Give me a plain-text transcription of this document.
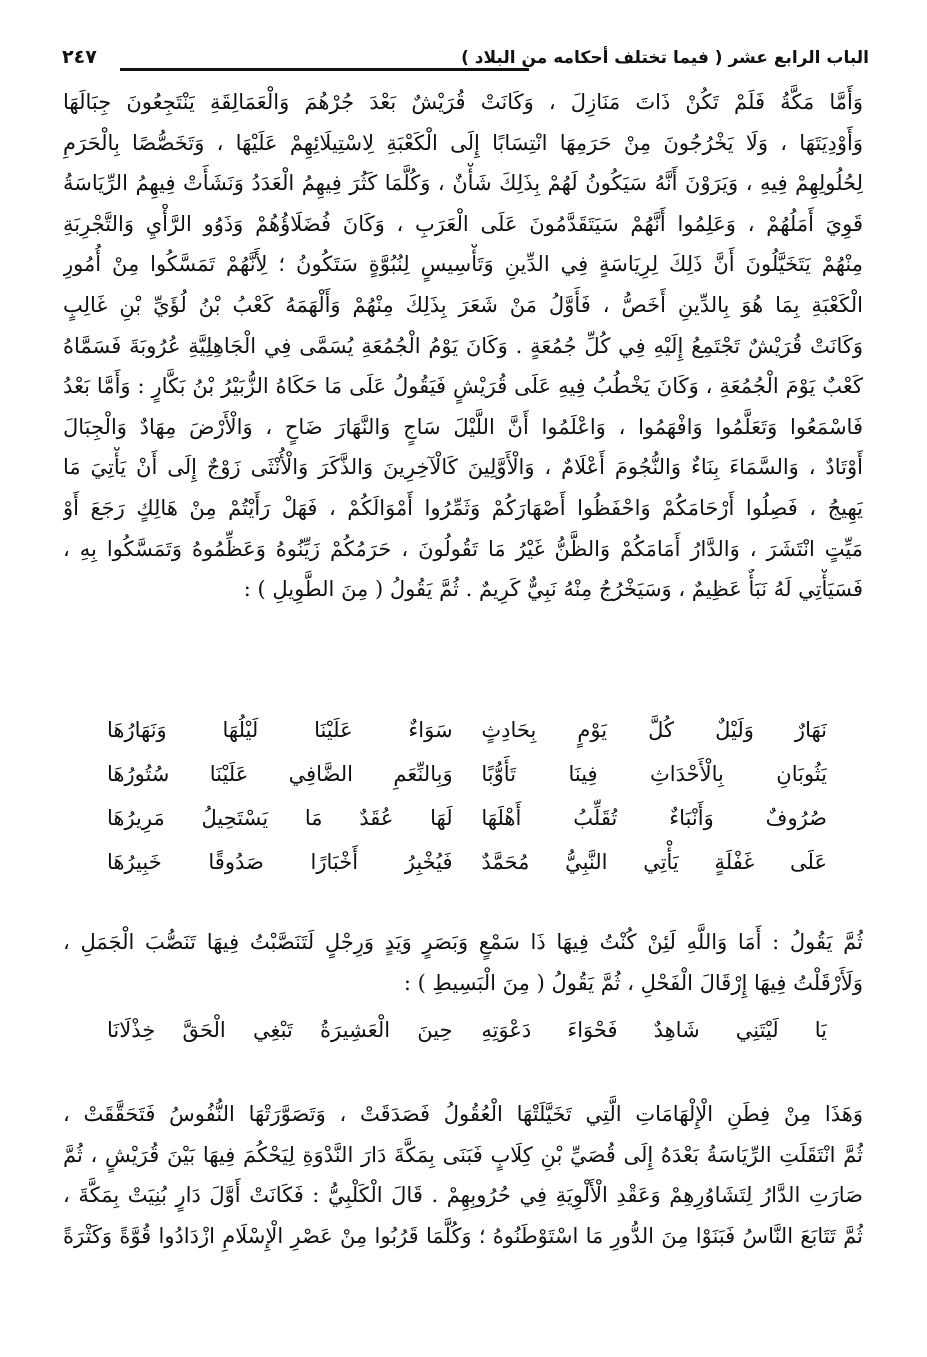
الباب الرابع عشر ( فيما تختلف أحكامه من البلاد )
٢٤٧
وَأَمَّا مَكَّةُ فَلَمْ تَكُنْ ذَاتَ مَنَازِلَ ، وَكَانَتْ قُرَيْشٌ بَعْدَ جُرْهُمَ وَالْعَمَالِقَةِ يَنْتَجِعُونَ جِبَالَهَا
وَأَوْدِيَتَهَا ، وَلَا يَخْرُجُونَ مِنْ حَرَمِهَا انْتِسَابًا إِلَى الْكَعْبَةِ لِاسْتِيلَائِهِمْ عَلَيْهَا ، وَتَخَصُّصًا بِالْحَرَمِ
لِحُلُولِهِمْ فِيهِ ، وَيَرَوْنَ أَنَّهُ سَيَكُونُ لَهُمْ بِذَلِكَ شَأْنٌ ، وَكُلَّمَا كَثُرَ فِيهِمُ الْعَدَدُ وَنَشَأَتْ فِيهِمُ الرِّيَاسَةُ
قَوِيَ أَمَلُهُمْ ، وَعَلِمُوا أَنَّهُمْ سَيَتَقَدَّمُونَ عَلَى الْعَرَبِ ، وَكَانَ فُضَلَاؤُهُمْ وَذَوُو الرَّأْيِ وَالتَّجْرِبَةِ
مِنْهُمْ يَتَخَيَّلُونَ أَنَّ ذَلِكَ لِرِيَاسَةٍ فِي الدِّينِ وَتَأْسِيسٍ لِنُبُوَّةٍ سَتَكُونُ ؛ لِأَنَّهُمْ تَمَسَّكُوا مِنْ أُمُورِ
الْكَعْبَةِ بِمَا هُوَ بِالدِّينِ أَخَصُّ ، فَأَوَّلُ مَنْ شَعَرَ بِذَلِكَ مِنْهُمْ وَأَلْهَمَهُ كَعْبُ بْنُ لُؤَيِّ بْنِ غَالِبٍ
وَكَانَتْ قُرَيْشٌ تَجْتَمِعُ إِلَيْهِ فِي كُلِّ جُمُعَةٍ . وَكَانَ يَوْمُ الْجُمُعَةِ يُسَمَّى فِي الْجَاهِلِيَّةِ عُرُوبَةَ فَسَمَّاهُ
كَعْبٌ يَوْمَ الْجُمُعَةِ ، وَكَانَ يَخْطُبُ فِيهِ عَلَى قُرَيْشٍ فَيَقُولُ عَلَى مَا حَكَاهُ الزُّبَيْرُ بْنُ بَكَّارٍ : وَأَمَّا بَعْدُ
فَاسْمَعُوا وَتَعَلَّمُوا وَافْهَمُوا ، وَاعْلَمُوا أَنَّ اللَّيْلَ سَاجٍ وَالنَّهَارَ ضَاحٍ ، وَالْأَرْضَ مِهَادٌ وَالْجِبَالَ
أَوْتَادٌ ، وَالسَّمَاءَ بِنَاءٌ وَالنُّجُومَ أَعْلَامٌ ، وَالْأَوَّلِينَ كَالْآخِرِينَ وَالذَّكَرَ وَالْأُنْثَى زَوْجٌ إِلَى أَنْ يَأْتِيَ مَا
يَهِيجُ ، فَصِلُوا أَرْحَامَكُمْ وَاحْفَظُوا أَصْهَارَكُمْ وَثَمِّرُوا أَمْوَالَكُمْ ، فَهَلْ رَأَيْتُمْ مِنْ هَالِكٍ رَجَعَ أَوْ
مَيِّتٍ انْتَشَرَ ، وَالدَّارُ أَمَامَكُمْ وَالظَّنُّ غَيْرُ مَا تَقُولُونَ ، حَرَمُكُمْ زَيِّنُوهُ وَعَظِّمُوهُ وَتَمَسَّكُوا بِهِ ،
فَسَيَأْتِي لَهُ نَبَأٌ عَظِيمٌ ، وَسَيَخْرُجُ مِنْهُ نَبِيٌّ كَرِيمٌ . ثُمَّ يَقُولُ ( مِنَ الطَّوِيلِ ) :
نَهَارٌ وَلَيْلٌ كُلَّ يَوْمٍ بِحَادِثٍ
سَوَاءٌ عَلَيْنَا لَيْلُهَا وَنَهَارُهَا
يَثُوبَانِ بِالْأَحْدَاثِ فِينَا تَأَوُّبًا
وَبِالنِّعَمِ الضَّافِي عَلَيْنَا سُتُورُهَا
صُرُوفٌ وَأَنْبَاءٌ تُقَلِّبُ أَهْلَهَا
لَهَا عُقَدٌ مَا يَسْتَحِيلُ مَرِيرُهَا
عَلَى غَفْلَةٍ يَأْتِي النَّبِيُّ مُحَمَّدٌ
فَيُخْبِرُ أَخْبَارًا صَدُوقًا خَبِيرُهَا
ثُمَّ يَقُولُ : أَمَا وَاللَّهِ لَئِنْ كُنْتُ فِيهَا ذَا سَمْعٍ وَبَصَرٍ وَيَدٍ وَرِجْلٍ لَتَنَصَّبْتُ فِيهَا تَنَصُّبَ الْجَمَلِ ،
وَلَأَرْقَلْتُ فِيهَا إِرْقَالَ الْفَحْلِ ، ثُمَّ يَقُولُ ( مِنَ الْبَسِيطِ ) :
يَا لَيْتَنِي شَاهِدٌ فَحْوَاءَ دَعْوَتِهِ
حِينَ الْعَشِيرَةُ تَبْغِي الْحَقَّ خِذْلَانَا
وَهَذَا مِنْ فِطَنِ الْإِلْهَامَاتِ الَّتِي تَخَيَّلَتْهَا الْعُقُولُ فَصَدَقَتْ ، وَتَصَوَّرَتْهَا النُّفُوسُ فَتَحَقَّقَتْ ،
ثُمَّ انْتَقَلَتِ الرِّيَاسَةُ بَعْدَهُ إِلَى قُصَيِّ بْنِ كِلَابٍ فَبَنَى بِمَكَّةَ دَارَ النَّدْوَةِ لِيَحْكُمَ فِيهَا بَيْنَ قُرَيْشٍ ، ثُمَّ
صَارَتِ الدَّارُ لِتَشَاوُرِهِمْ وَعَقْدِ الْأَلْوِيَةِ فِي حُرُوبِهِمْ . قَالَ الْكَلْبِيُّ : فَكَانَتْ أَوَّلَ دَارٍ بُنِيَتْ بِمَكَّةَ ،
ثُمَّ تَتَابَعَ النَّاسُ فَبَنَوْا مِنَ الدُّورِ مَا اسْتَوْطَنُوهُ ؛ وَكُلَّمَا قَرُبُوا مِنْ عَصْرِ الْإِسْلَامِ ازْدَادُوا قُوَّةً وَكَثْرَةً
